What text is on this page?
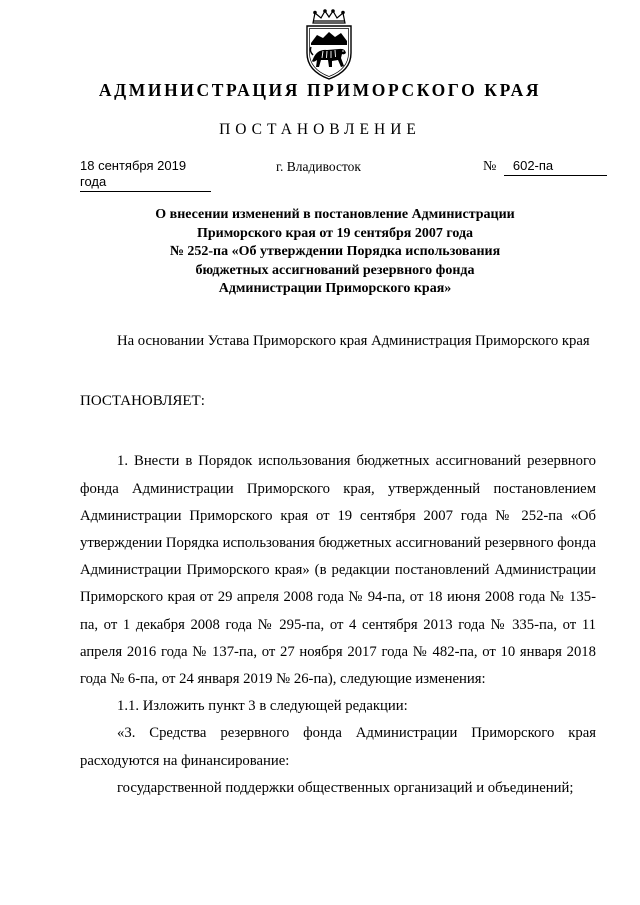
АДМИНИСТРАЦИЯ ПРИМОРСКОГО КРАЯ
ПОСТАНОВЛЕНИЕ
18 сентября 2019 года
г. Владивосток	№ 602-па
О внесении изменений в постановление Администрации
Приморского края от 19 сентября 2007 года
№ 252-па «Об утверждении Порядка использования
бюджетных ассигнований резервного фонда
Администрации Приморского края»

На основании Устава Приморского края Администрация Приморского края

ПОСТАНОВЛЯЕТ:

1. Внести в Порядок использования бюджетных ассигнований резервного фонда Администрации Приморского края, утвержденный постановлением Администрации Приморского края от 19 сентября 2007 года № 252-па «Об утверждении Порядка использования бюджетных ассигнований резервного фонда Администрации Приморского края» (в редакции постановлений Администрации Приморского края от 29 апреля 2008 года № 94-па, от 18 июня 2008 года № 135-па, от 1 декабря 2008 года № 295-па, от 4 сентября 2013 года № 335-па, от 11 апреля 2016 года № 137-па, от 27 ноября 2017 года № 482-па, от 10 января 2018 года № 6-па, от 24 января 2019 № 26-па), следующие изменения:

1.1. Изложить пункт 3 в следующей редакции:

«3. Средства резервного фонда Администрации Приморского края расходуются на финансирование:

государственной поддержки общественных организаций и объединений;
